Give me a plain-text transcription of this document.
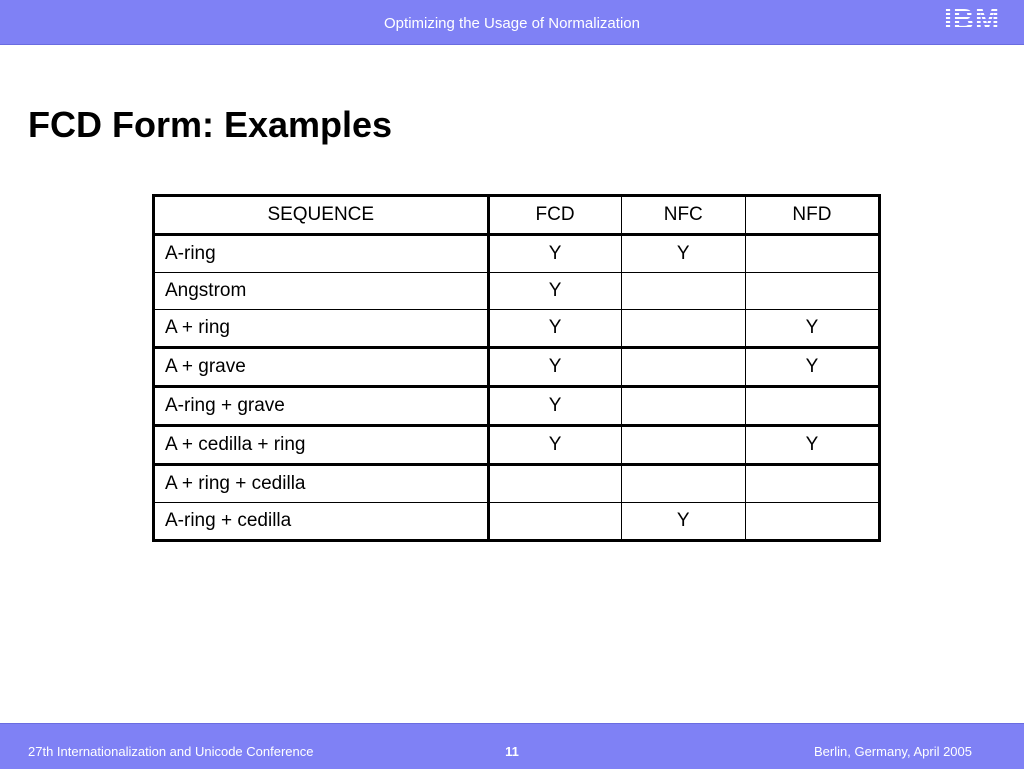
Optimizing the Usage of Normalization	IBM
FCD Form: Examples
SEQUENCE	FCD	NFC	NFD
A-ring	Y	Y	
Angstrom	Y		
A + ring	Y		Y
A + grave	Y		Y
A-ring + grave	Y		
A + cedilla + ring	Y		Y
A + ring + cedilla			
A-ring + cedilla		Y	
27th Internationalization and Unicode Conference	11	Berlin, Germany, April 2005
